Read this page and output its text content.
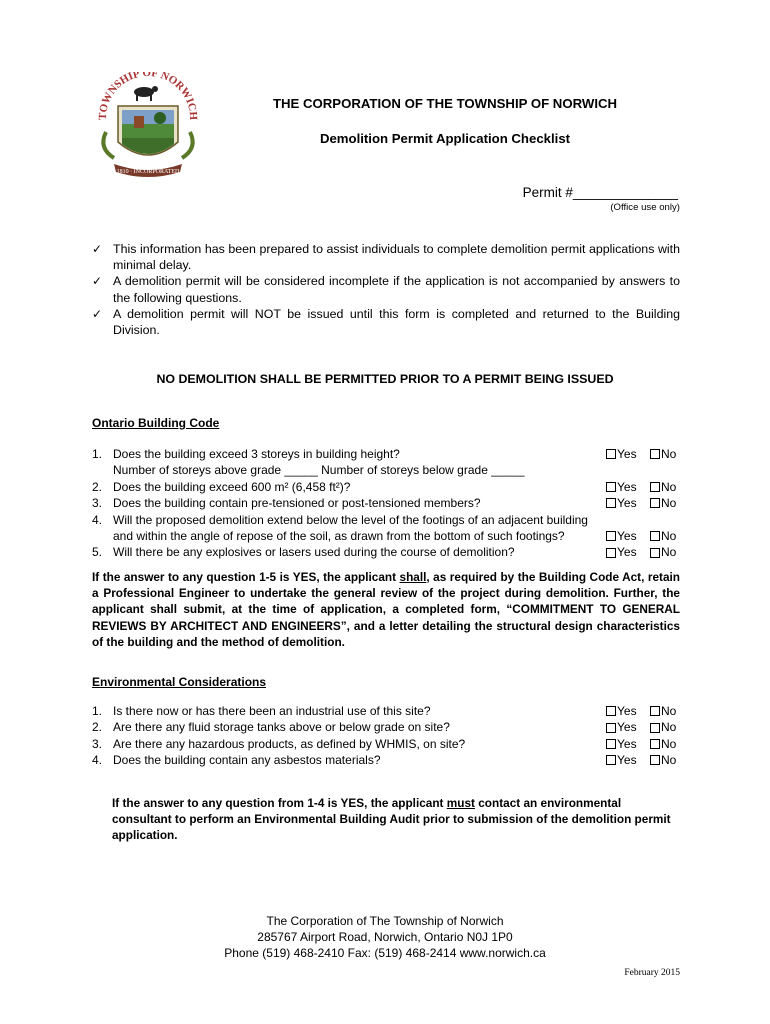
TOWNSHIP OF NORWICH
1810 · INCORPORATED
THE CORPORATION OF THE TOWNSHIP OF NORWICH
Demolition Permit Application Checklist
Permit #______________
(Office use only)
✓ This information has been prepared to assist individuals to complete demolition permit applications with minimal delay.
✓ A demolition permit will be considered incomplete if the application is not accompanied by answers to the following questions.
✓ A demolition permit will NOT be issued until this form is completed and returned to the Building Division.
NO DEMOLITION SHALL BE PERMITTED PRIOR TO A PERMIT BEING ISSUED
Ontario Building Code
1. Does the building exceed 3 storeys in building height?	Yes No
Number of storeys above grade _____ Number of storeys below grade _____
2. Does the building exceed 600 m² (6,458 ft²)?	Yes No
3. Does the building contain pre-tensioned or post-tensioned members?	Yes No
4. Will the proposed demolition extend below the level of the footings of an adjacent building
and within the angle of repose of the soil, as drawn from the bottom of such footings?	Yes No
5. Will there be any explosives or lasers used during the course of demolition?	Yes No
If the answer to any question 1-5 is YES, the applicant shall, as required by the Building Code Act, retain a Professional Engineer to undertake the general review of the project during demolition. Further, the applicant shall submit, at the time of application, a completed form, “COMMITMENT TO GENERAL REVIEWS BY ARCHITECT AND ENGINEERS”, and a letter detailing the structural design characteristics of the building and the method of demolition.
Environmental Considerations
1. Is there now or has there been an industrial use of this site?	Yes No
2. Are there any fluid storage tanks above or below grade on site?	Yes No
3. Are there any hazardous products, as defined by WHMIS, on site?	Yes No
4. Does the building contain any asbestos materials?	Yes No
If the answer to any question from 1-4 is YES, the applicant must contact an environmental consultant to perform an Environmental Building Audit prior to submission of the demolition permit application.
The Corporation of The Township of Norwich
285767 Airport Road, Norwich, Ontario N0J 1P0
Phone (519) 468-2410 Fax: (519) 468-2414 www.norwich.ca
February 2015
